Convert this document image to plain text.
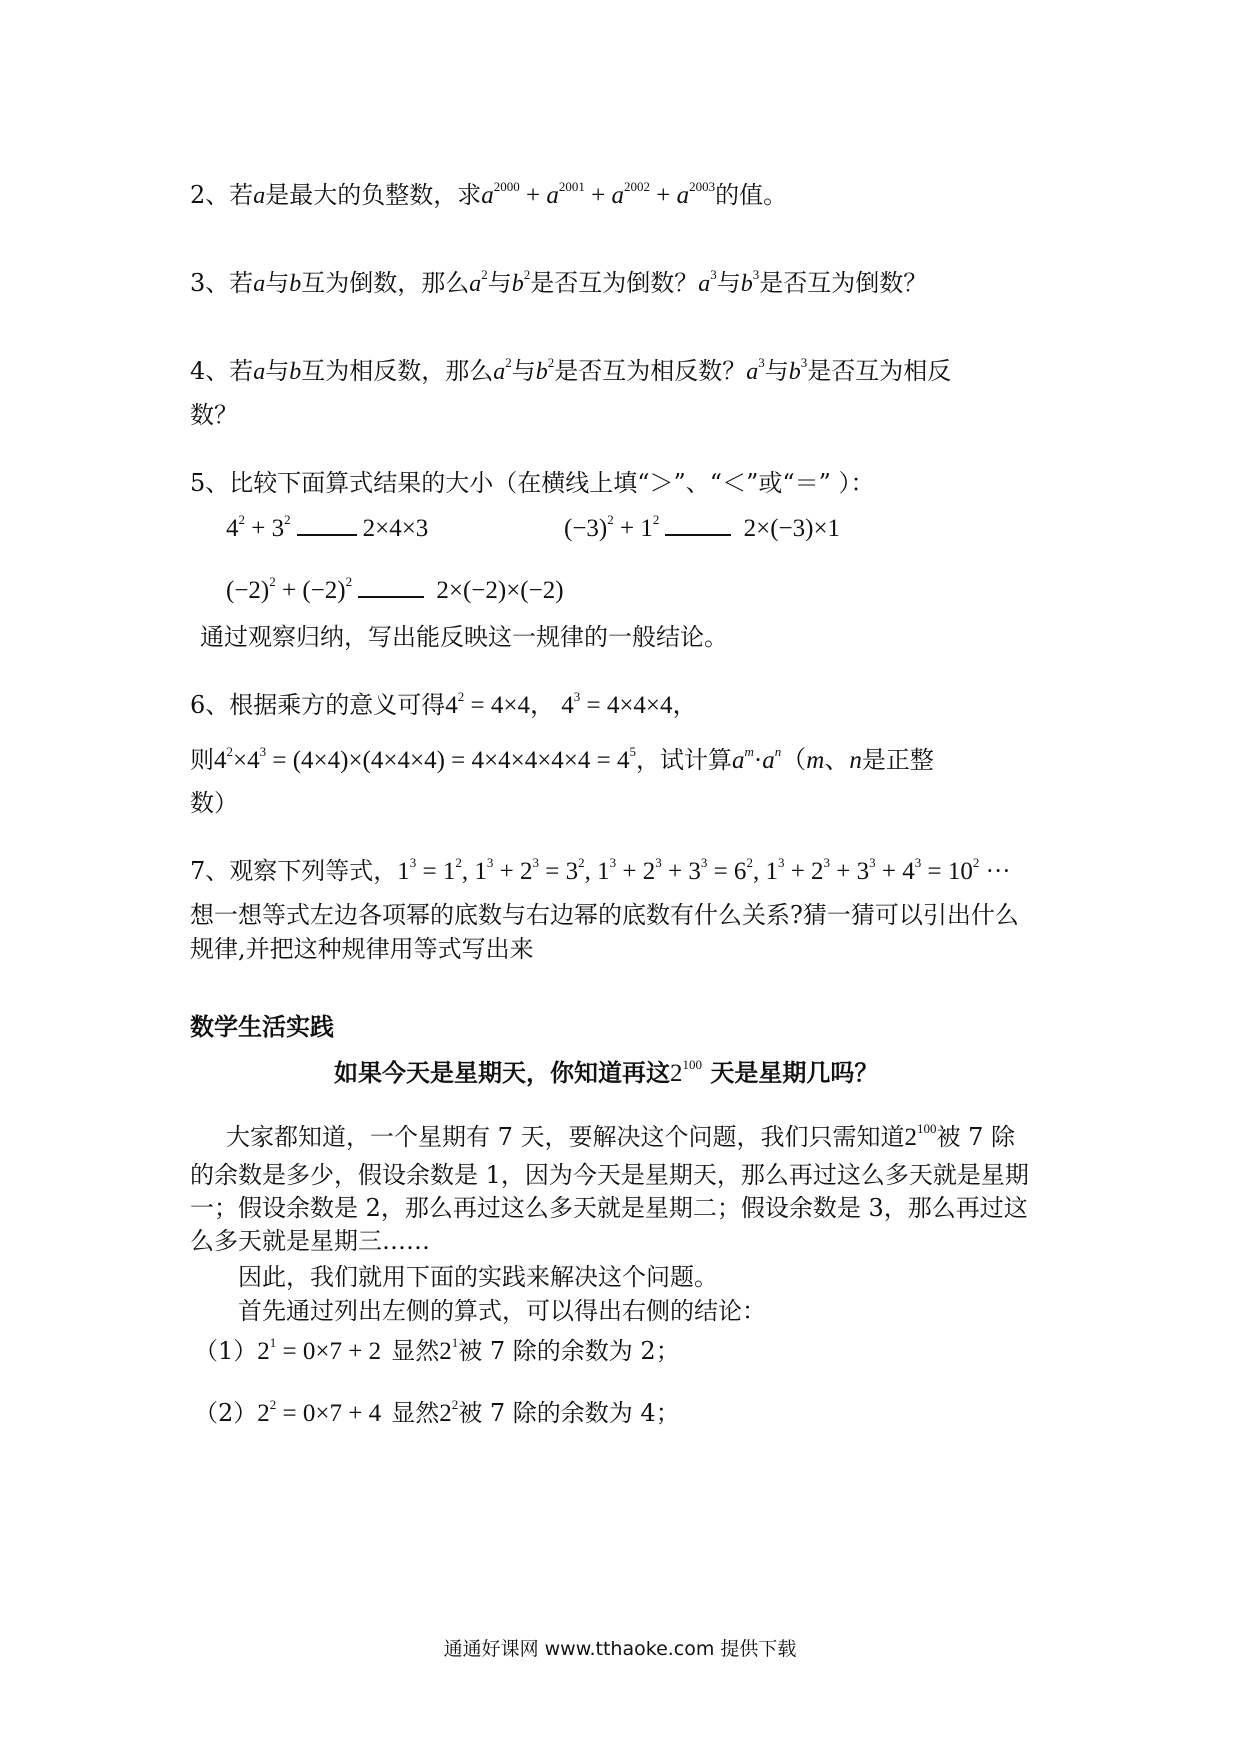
2、若a是最大的负整数，求$a^{2000} + a^{2001} + a^{2002} + a^{2003}$的值。
3、若a与b互为倒数，那么$a^2$与$b^2$是否互为倒数？$a^3$与$b^3$是否互为倒数？
4、若a与b互为相反数，那么$a^2$与$b^2$是否互为相反数？$a^3$与$b^3$是否互为相反
数？
5、比较下面算式结果的大小（在横线上填“＞”、“＜”或“＝” ）：
$4^2 + 3^2$	2×4×3	$(-3)^2 + 1^2$	2×(−3)×1
$(-2)^2 + (-2)^2$	2×(−2)×(−2)
通过观察归纳，写出能反映这一规律的一般结论。
6、根据乘方的意义可得$4^2 = 4\times 4$， $4^3 = 4\times 4\times 4$，
则$4^2\times 4^3 = (4\times 4)\times(4\times 4\times 4) = 4\times 4\times 4\times 4\times 4 = 4^5$，试计算$a^m\cdot a^n(m$、n是正整
数）
7、观察下列等式，$1^3 = 1^2$, $1^3 + 2^3 = 3^2$, $1^3 + 2^3 + 3^3 = 6^2$, $1^3 + 2^3 + 3^3 + 4^3 = 10^2$ ···
想一想等式左边各项幂的底数与右边幂的底数有什么关系?猜一猜可以引出什么
规律,并把这种规律用等式写出来
数学生活实践
如果今天是星期天，你知道再这$2^{100}$ 天是星期几吗？
大家都知道，一个星期有 7 天，要解决这个问题，我们只需知道$2^{100}$被 7 除
的余数是多少，假设余数是 1，因为今天是星期天，那么再过这么多天就是星期
一；假设余数是 2，那么再过这么多天就是星期二；假设余数是 3，那么再过这
么多天就是星期三……
因此，我们就用下面的实践来解决这个问题。
首先通过列出左侧的算式，可以得出右侧的结论：
$(1)2^1 = 0\times 7 + 2$ 显然$2^1$被 7 除的余数为 2；
$(2)2^2 = 0\times 7 + 4$ 显然$2^2$被 7 除的余数为 4；
通通好课网 www.tthaoke.com 提供下载
